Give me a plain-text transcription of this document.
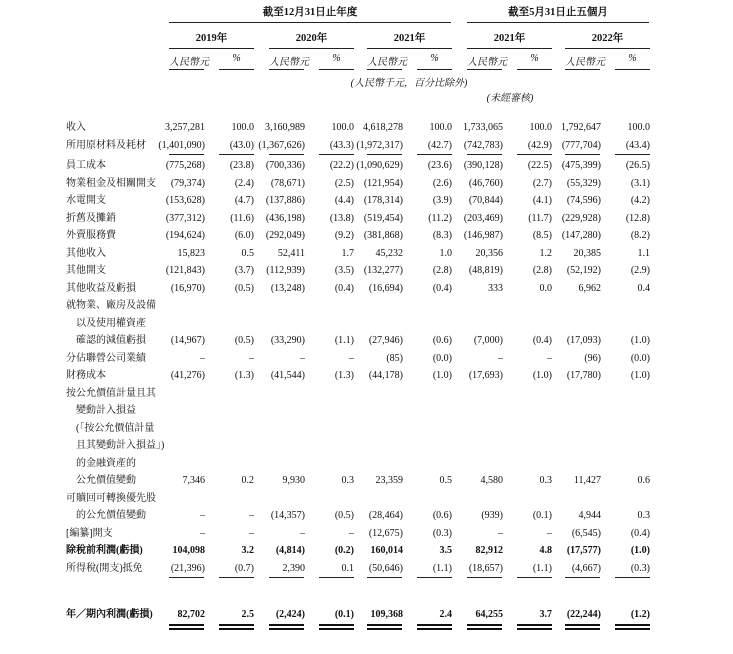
截至12月31日止年度	截至5月31日止五個月
2019年
人民幣元	%
2020年
人民幣元	%
2021年
人民幣元	%
2021年
人民幣元	%
2022年
人民幣元	%
(人民幣千元，百分比除外)
(未經審核)
收入	3,257,281	100.0	3,160,989	100.0 4,618,278	100.0	1,733,065	100.0 1,792,647	100.0
所用原材料及耗材	(1,401,090)	(43.0) (1,367,626)	(43.3) (1,972,317)	(42.7)	(742,783)	(42.9) (777,704)	(43.4)
員工成本	(775,268)	(23.8)	(700,336)	(22.2) (1,090,629)	(23.6)	(390,128)	(22.5) (475,399)	(26.5)
物業租金及相關開支	(79,374)	(2.4)	(78,671)	(2.5) (121,954)	(2.6)	(46,760)	(2.7)	(55,329)	(3.1)
水電開支	(153,628)	(4.7)	(137,886)	(4.4) (178,314)	(3.9)	(70,844)	(4.1)	(74,596)	(4.2)
折舊及攤銷	(377,312)	(11.6)	(436,198)	(13.8) (519,454)	(11.2)	(203,469)	(11.7) (229,928)	(12.8)
外賣服務費	(194,624)	(6.0)	(292,049)	(9.2) (381,868)	(8.3)	(146,987)	(8.5) (147,280)	(8.2)
其他收入	15,823	0.5	52,411	1.7	45,232	1.0	20,356	1.2	20,385	1.1
其他開支	(121,843)	(3.7)	(112,939)	(3.5) (132,277)	(2.8)	(48,819)	(2.8)	(52,192)	(2.9)
其他收益及虧損	(16,970)	(0.5)	(13,248)	(0.4)	(16,694)	(0.4)	333	0.0	6,962	0.4
就物業、廠房及設備
以及使用權資產
確認的減值虧損	(14,967)	(0.5)	(33,290)	(1.1)	(27,946)	(0.6)	(7,000)	(0.4)	(17,093)	(1.0)
分佔聯營公司業績	–	–	–	–	(85)	(0.0)	–	–	(96)	(0.0)
財務成本	(41,276)	(1.3)	(41,544)	(1.3)	(44,178)	(1.0)	(17,693)	(1.0)	(17,780)	(1.0)
按公允價值計量且其
變動計入損益
(「按公允價值計量
且其變動計入損益」)
的金融資產的
公允價值變動	7,346	0.2	9,930	0.3	23,359	0.5	4,580	0.3	11,427	0.6
可贖回可轉換優先股
的公允價值變動	–	–	(14,357)	(0.5)	(28,464)	(0.6)	(939)	(0.1)	4,944	0.3
[編纂]開支	–	–	–	–	(12,675)	(0.3)	–	–	(6,545)	(0.4)
除稅前利潤(虧損)	104,098	3.2	(4,814)	(0.2)	160,014	3.5	82,912	4.8	(17,577)	(1.0)
所得稅(開支)抵免	(21,396)	(0.7)	2,390	0.1	(50,646)	(1.1)	(18,657)	(1.1)	(4,667)	(0.3)
年／期內利潤(虧損)	82,702	2.5	(2,424)	(0.1)	109,368	2.4	64,255	3.7	(22,244)	(1.2)
